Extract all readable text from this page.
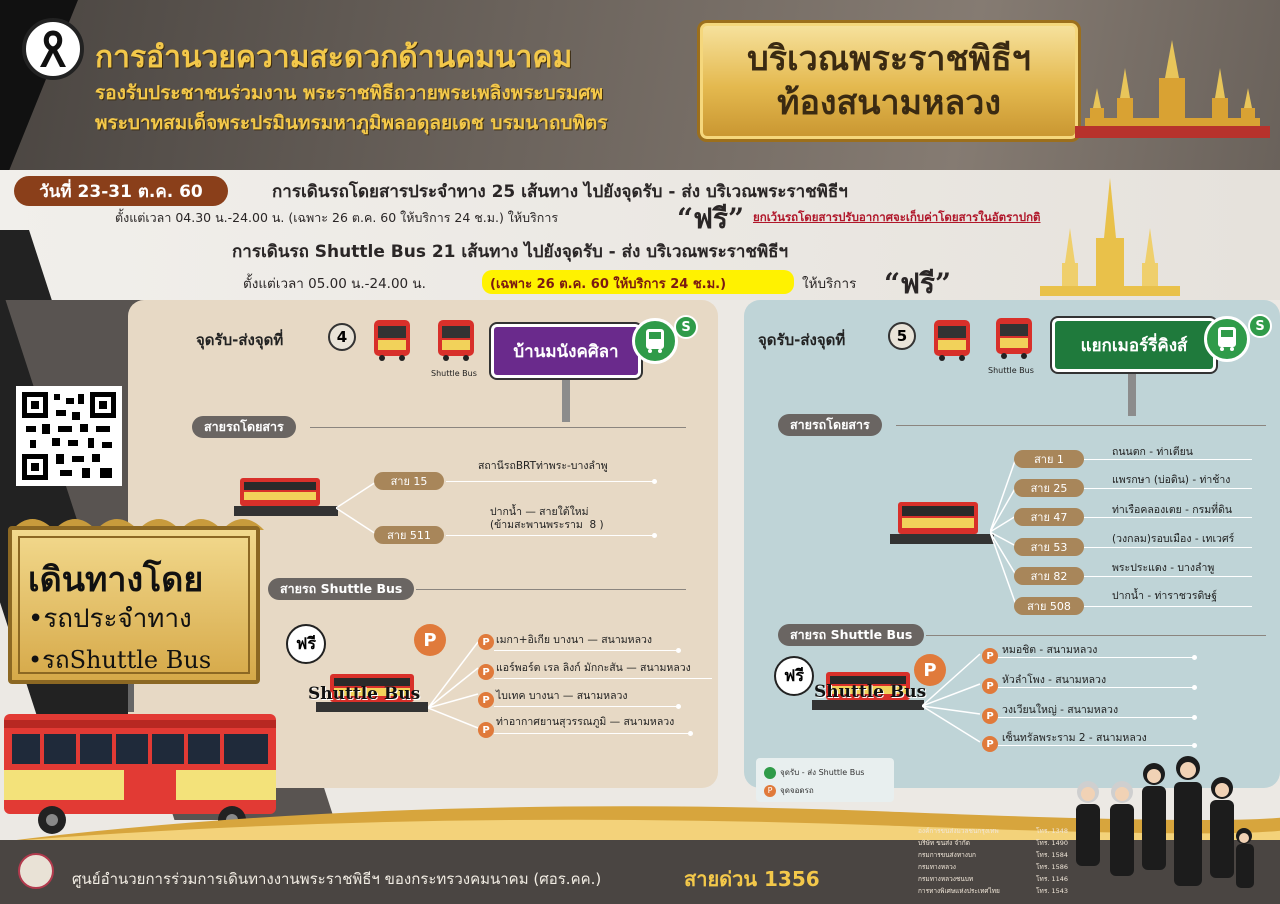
การอำนวยความสะดวกด้านคมนาคม
รองรับประชาชนร่วมงาน พระราชพิธีถวายพระเพลิงพระบรมศพ
พระบาทสมเด็จพระปรมินทรมหาภูมิพลอดุลยเดช บรมนาถบพิตร
บริเวณพระราชพิธีฯ
ท้องสนามหลวง
วันที่ 23-31 ต.ค. 60	การเดินรถโดยสารประจำทาง 25 เส้นทาง ไปยังจุดรับ - ส่ง บริเวณพระราชพิธีฯ
ตั้งแต่เวลา 04.30 น.-24.00 น. (เฉพาะ 26 ต.ค. 60 ให้บริการ 24 ช.ม.) ให้บริการ	“ฟรี” ยกเว้นรถโดยสารปรับอากาศจะเก็บค่าโดยสารในอัตราปกติ
การเดินรถ Shuttle Bus 21 เส้นทาง ไปยังจุดรับ - ส่ง บริเวณพระราชพิธีฯ
ตั้งแต่เวลา 05.00 น.-24.00 น.	(เฉพาะ 26 ต.ค. 60 ให้บริการ 24 ช.ม.)	ให้บริการ “ฟรี”
จุดรับ-ส่งจุดที่	4
Shuttle Bus
บ้านมนังคศิลา
S
สายรถโดยสาร
สาย 15
สถานีรถBRTท่าพระ-บางลำพู
สาย 511
ปากน้ำ — สายใต้ใหม่
(ข้ามสะพานพระราม  8 )
สายรถ Shuttle Bus
ฟรี	P
Shuttle Bus
P เมกา+อิเกีย บางนา — สนามหลวง
P แอร์พอร์ต เรล ลิงก์ มักกะสัน — สนามหลวง
P ไบเทค บางนา — สนามหลวง
P
ท่าอากาศยานสุวรรณภูมิ — สนามหลวง
จุดรับ-ส่งจุดที่	5
Shuttle Bus
แยกเมอร์รี่คิงส์
S
สายรถโดยสาร
สาย 1
ถนนตก - ท่าเตียน
สาย 25
แพรกษา (บ่อดิน) - ท่าช้าง
สาย 47
ท่าเรือคลองเตย - กรมที่ดิน
สาย 53
(วงกลม)รอบเมือง - เทเวศร์
สาย 82
พระประแดง - บางลำพู
สาย 508
ปากน้ำ - ท่าราชวรดิษฐ์
สายรถ Shuttle Bus
ฟรี	P
Shuttle Bus
P หมอชิต - สนามหลวง
P หัวลำโพง - สนามหลวง
P วงเวียนใหญ่ - สนามหลวง
P เซ็นทรัลพระราม 2 - สนามหลวง
จุดรับ - ส่ง Shuttle Bus
P จุดจอดรถ
เดินทางโดย
•รถประจำทาง
•รถShuttle Bus
ศูนย์อำนวยการร่วมการเดินทางงานพระราชพิธีฯ ของกระทรวงคมนาคม (ศอร.คค.)	สายด่วน 1356
องค์การขนส่งมวลชนกรุงเทพ	โทร. 1348
บริษัท ขนส่ง จำกัด	โทร. 1490
กรมการขนส่งทางบก	โทร. 1584
กรมทางหลวง	โทร. 1586
กรมทางหลวงชนบท	โทร. 1146
การทางพิเศษแห่งประเทศไทย	โทร. 1543
